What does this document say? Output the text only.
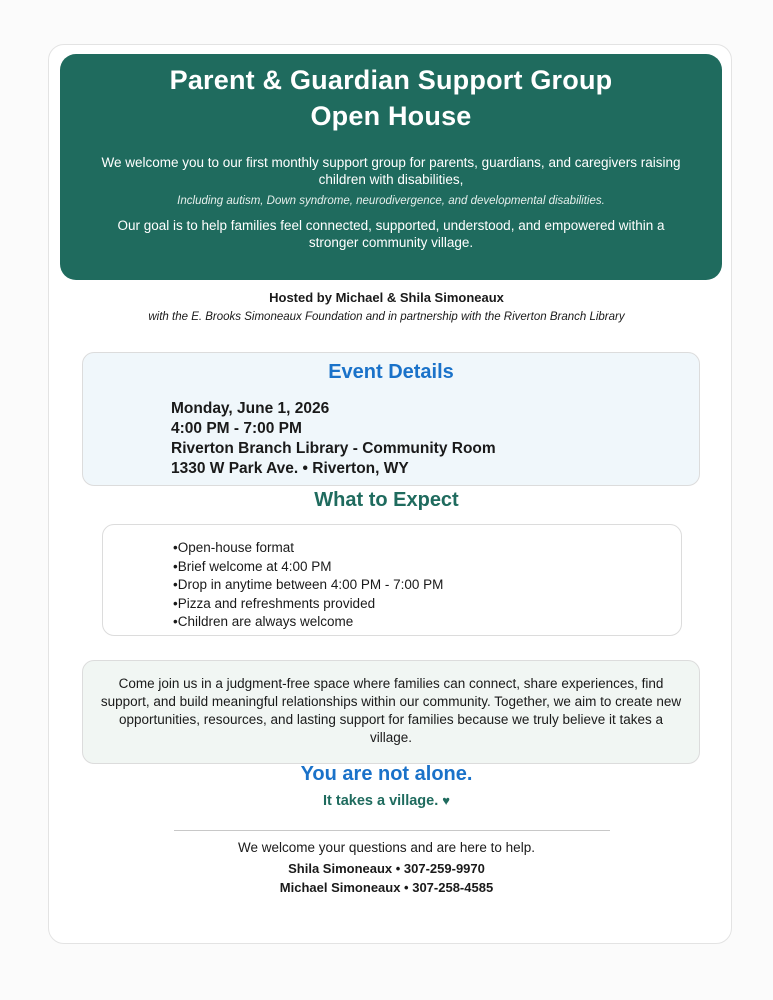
Parent & Guardian Support Group
Open House
We welcome you to our first monthly support group for parents, guardians, and caregivers raising children with disabilities,
Including autism, Down syndrome, neurodivergence, and developmental disabilities.
Our goal is to help families feel connected, supported, understood, and empowered within a stronger community village.
Hosted by Michael & Shila Simoneaux
with the E. Brooks Simoneaux Foundation and in partnership with the Riverton Branch Library
Event Details
Monday, June 1, 2026
4:00 PM - 7:00 PM
Riverton Branch Library - Community Room
1330 W Park Ave. • Riverton, WY
What to Expect
• Open-house format
• Brief welcome at 4:00 PM
• Drop in anytime between 4:00 PM - 7:00 PM
• Pizza and refreshments provided
• Children are always welcome
Come join us in a judgment-free space where families can connect, share experiences, find support, and build meaningful relationships within our community. Together, we aim to create new opportunities, resources, and lasting support for families because we truly believe it takes a village.
You are not alone.
It takes a village. ♥
We welcome your questions and are here to help.
Shila Simoneaux • 307-259-9970
Michael Simoneaux • 307-258-4585
